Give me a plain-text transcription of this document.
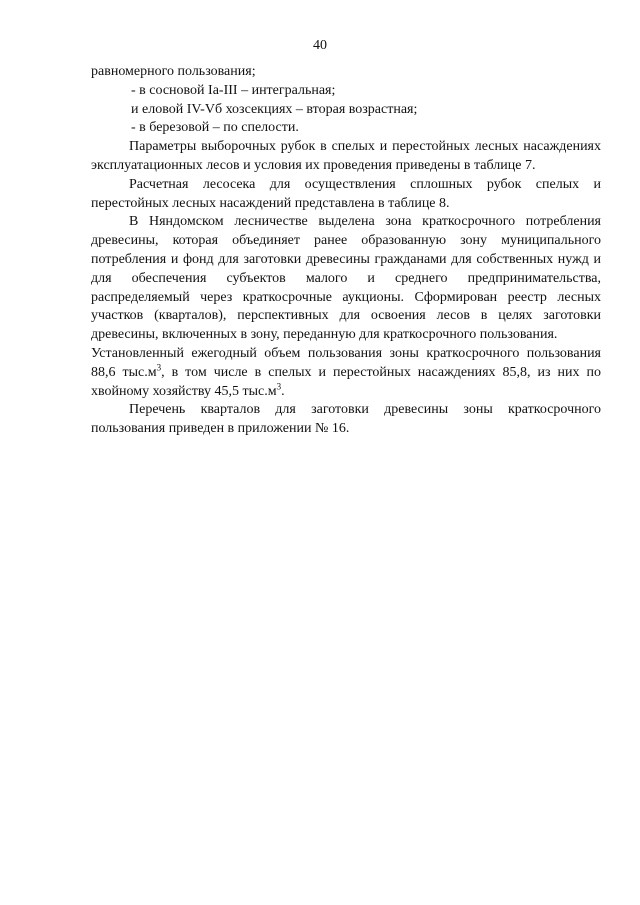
40

равномерного пользования;

- в сосновой Iа-III – интегральная;

и еловой IV-Vб хозсекциях – вторая возрастная;

- в березовой – по спелости.

Параметры выборочных рубок в спелых и перестойных лесных насаждениях эксплуатационных лесов и условия их проведения приведены в таблице 7.

Расчетная лесосека для осуществления сплошных рубок спелых и перестойных лесных насаждений представлена в таблице 8.

В Няндомском лесничестве выделена зона краткосрочного потребления древесины, которая объединяет ранее образованную зону муниципального потребления и фонд для заготовки древесины гражданами для собственных нужд и для обеспечения субъектов малого и среднего предпринимательства, распределяемый через краткосрочные аукционы. Сформирован реестр лесных участков (кварталов), перспективных для освоения лесов в целях заготовки древесины, включенных в зону, переданную для краткосрочного пользования.

Установленный ежегодный объем пользования зоны краткосрочного пользования 88,6 $тыс.м^3$, в том числе в спелых и перестойных насаждениях 85,8, из них по хвойному хозяйству 45,5 $тыс.м^3$.

Перечень кварталов для заготовки древесины зоны краткосрочного пользования приведен в приложении № 16.
